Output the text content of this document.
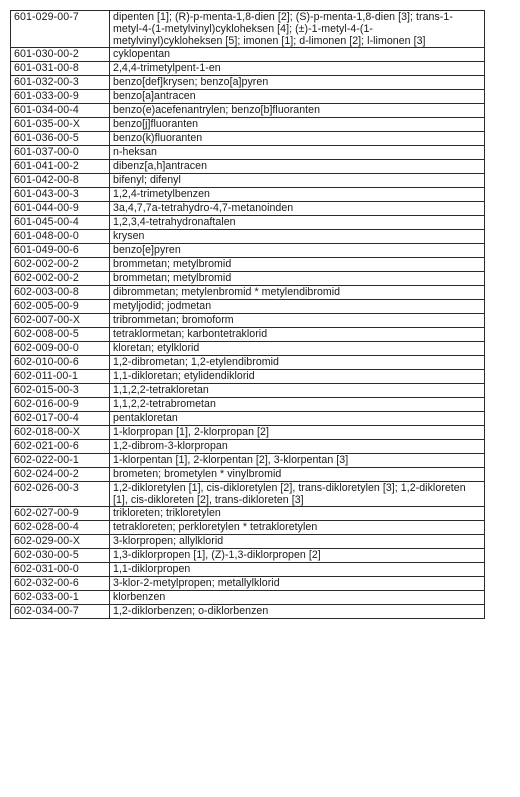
601-029-00-7	dipenten [1]; (R)-p-menta-1,8-dien [2]; (S)-p-menta-1,8-dien [3]; trans-1-metyl-4-(1-metylvinyl)cykloheksen [4]; (±)-1-metyl-4-(1-metylvinyl)cykloheksen [5]; imonen [1]; d-limonen [2]; l-limonen [3]
601-030-00-2	cyklopentan
601-031-00-8	2,4,4-trimetylpent-1-en
601-032-00-3	benzo[def]krysen; benzo[a]pyren
601-033-00-9	benzo[a]antracen
601-034-00-4	benzo(e)acefenantrylen; benzo[b]fluoranten
601-035-00-X	benzo[j]fluoranten
601-036-00-5	benzo(k)fluoranten
601-037-00-0	n-heksan
601-041-00-2	dibenz[a,h]antracen
601-042-00-8	bifenyl; difenyl
601-043-00-3	1,2,4-trimetylbenzen
601-044-00-9	3a,4,7,7a-tetrahydro-4,7-metanoinden
601-045-00-4	1,2,3,4-tetrahydronaftalen
601-048-00-0	krysen
601-049-00-6	benzo[e]pyren
602-002-00-2	brommetan; metylbromid
602-002-00-2	brommetan; metylbromid
602-003-00-8	dibrommetan; metylenbromid * metylendibromid
602-005-00-9	metyljodid; jodmetan
602-007-00-X	tribrommetan; bromoform
602-008-00-5	tetraklormetan; karbontetraklorid
602-009-00-0	kloretan; etylklorid
602-010-00-6	1,2-dibrometan; 1,2-etylendibromid
602-011-00-1	1,1-dikloretan; etylidendiklorid
602-015-00-3	1,1,2,2-tetrakloretan
602-016-00-9	1,1,2,2-tetrabrometan
602-017-00-4	pentakloretan
602-018-00-X	1-klorpropan [1], 2-klorpropan [2]
602-021-00-6	1,2-dibrom-3-klorpropan
602-022-00-1	1-klorpentan [1], 2-klorpentan [2], 3-klorpentan [3]
602-024-00-2	brometen; brometylen * vinylbromid
602-026-00-3	1,2-dikloretylen [1], cis-dikloretylen [2], trans-dikloretylen [3]; 1,2-dikloreten [1], cis-dikloreten [2], trans-dikloreten [3]
602-027-00-9	trikloreten; trikloretylen
602-028-00-4	tetrakloreten; perkloretylen * tetrakloretylen
602-029-00-X	3-klorpropen; allylklorid
602-030-00-5	1,3-diklorpropen [1], (Z)-1,3-diklorpropen [2]
602-031-00-0	1,1-diklorpropen
602-032-00-6	3-klor-2-metylpropen; metallylklorid
602-033-00-1	klorbenzen
602-034-00-7	1,2-diklorbenzen; o-diklorbenzen
